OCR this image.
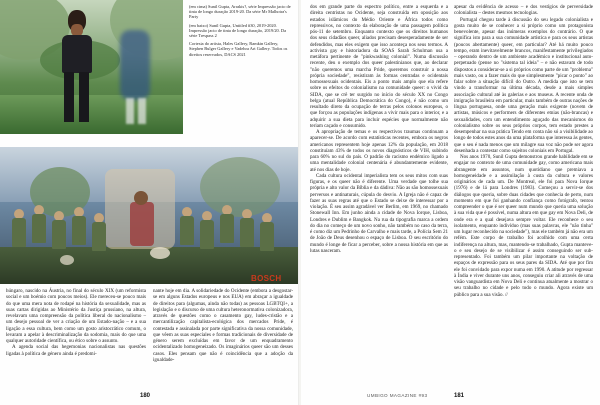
(em cima) Sunil Gupta, Arrakis?, série Impressão jacto de tinta de longo duração 2019-20. Da série Mr Malhotra's Party

(em baixo) Sunil Gupta, Untitled #30, 2019-2020. Impressão jacto de tinta de longo duração, 2019/20. Da série Trespass 2

Cortesia do artista, Hales Gallery, Ramkin Gallery, Stephen Bulger Gallery e Vadehra Art Gallery. Todos os direitos reservados, DACS 2021

BOSCH

húngaro, nascido na Áustria, no final do século XIX (um reformista social e um boémio com poucos meios). Ele mereceu-se pouco mais do que uma mera nota de rodapé na história da sexualidade, mas as suas cartas dirigidas ao Ministério da Justiça prussiano, na altura, revelavam uma compreensão da política liberal do nacionalismo – um desejo pessoal de ver a criação de um Estado-nação – e a sua ligação a essa cultura, bem como um gosto aristocrático comum, o levaram a apelar à descriminalização da sodomia, mais do que uma qualquer autoridade científica, ou ético sobre o assunto.

A agenda social das hegemonias nacionalistas nas questões ligadas à política de género ainda é predomi-

nante hoje em dia. A solidariedade do Ocidente (embora a desgostar-se em alguns Estados europeus e nos EUA) em abraçar a igualdade de direitos para (algumas, ainda não todas) as pessoas LGBTQI+, a legislação e o discurso de uma cultura heteronormativa colonizadora, através de questões como o casamento gay, ludes-cristão e a mercantilização capitalista-ecológica dos mercados Pride, é contestada e assinalada por parte significativa da nossa comunidade, que vêem as suas especiales e formas tradicionais de diversidade de género serem excluídas em favor de um enquadramento ocidentalizado homogeneizado. Os imaginários queer são um desses casos. Eles pensam que não é coincidência que a adoção da igualdade-

180

dos em grande parte do espectro político, entre a esquerda e a direita centristas no Ocidente, seja construída em oposição aos estados islâmicos do Médio Oriente e África todos como repressivos, no contexto da elaboração de uma passagem política pós-11 de setembro. Enquanto contexto que os direitos humanos dos seus cidadãos queer, aliados precisam desesperadamente de ser defendidos, mas eles exigem que isso aconteça nos seus termos. A activista gay e historiadora da SOAS Sarah Schulman usa a metáfora pertinente de "pinkwashing colonial". Numa discussão recente, deu o exemplo dos queer palestinianos que, ao declarar "não queremos uma marcha Pride, queremos construir a nossa própria sociedade", resistiram às formas centradas e ocidentais homossexuais ocidentais. Eis a ponto mais amplo que ela refere sobre os efeitos do colonialismo na comunidade queer: o vivid da SIDA, que se crê ter surgido no início do século XX no Congo belga (atual República Democrática do Congo), é não como um resultado direto da ocupação de terras pelos colonos europeus, o que forçou as populações indígenas a vivir mais para o interior, e a adquirir a sua dieta para incluir espécies que normalmente não teriam caçado e consumido.

A apropriação de temas e os respectivos traumas continuam a aparecer-se. De acordo com estatísticas recentes, embora os negros americanos representem hoje apenas 12% da população, em 2018 constituíam 43% de todos os novos diagnósticos de VIH, subindo para 60% no sul do país. O padrão do racismo endémico ligado a uma mentalidade colonial centenária é abundantemente evidente, até nos dias de hoje.

Cada cultura ocidental imperialista tem os seus mitos com suas figuras, e os queer não é diferente. Uma verdade que tolhe sua própria e alto valor da Bíblia e da dádiva: Não as são homossexuais perversos e antinaturais, cúpula do desvio. A Igreja não é capaz de fazer as suas regras até que o Estado se deixe de interessar por a violação. É seu assim agradável ver Berlim, em 1969, no chamado Stonewall Inn. Em junho ainda a cidade de Nova Iorque, Lisboa, Londres e Dublim e Bangkok. Na rua da tipografia marca a ordem do dia no começo de um novo sonho, não também no caso da terra, é como diz um Pedrinho de Carvalho e mais tarde, a Polícia Sem 21 de João de Deus desenhou o espaço de Lisboa. O seu escritório do mundo é longe de ficar a perceber, sobre a nossa história em que as lutas nasceram.

apesar da evidência de acesso – e dos vestígios de perversidade colonialista – destes mesmos tecnologias.

Portugal chegou tarde à discussão do seu legado colonialista e gosta muito de se conhecer a si próprio como um protagonista benevolente, apesar das inúmeras exemplos do contrário. O que significa isto para a sua comunidade artística e para os seus artistas (poucos abertamente) queer, em particular? Até há muito pouco tempo, eram inevitavelmente brancos, manifestamente privilegiados – operando dentro de um ambiente académico e institucional auto-perpetuado (pense no "sistema tal ideia" – e não estavam de todo dispostos a considerar-se a si próprios como parte de um "problema" mais vasto, ou a fazer mais do que simplesmente "picar o ponto" ao falar sobre a situação difícil do Outro. A medida que isto se tem vindo a transformar na última década, desde a mais simples associação cultural até às galerias e aos museus. A recente onda de imigração brasileira em particular, mais também de outras nações de língua portuguesa, onde uma geração mais exigente (novem de artistas, músicos e performers de diferentes etnias (não-brancas) e sexualidades, com um entendimento aguçado das mecanismos do colonialismo sobre os seus próprios corpos, tem estado prestes a desempenhar na sua prática Tendo em conta não só a visibilidade ao longo de todos estes anos da uma plataforma que interessa às gentes, que o seu é nada menos que um milagre sua voz não pode ser agora desenhada a contestar como sujeitos coloniais em Portugal.

Nos anos 1970, Sunil Gupta demonstrou grande habilidade em se engajar no contexto de uma comunidade gay, como americana mais abrangente em assuntos, num quotidiano que premiava a homogeneidade e a assimilação à custa da cultura e valores originários de cada um. De Montreal, ele foi para Nova Iorque (1976) e de lá para Londres (1983). Começou a servir-se dos diálogos que queria, sobre duas cidades que conhecia de perto, num momento em que foi ganhando confiança como fotógrafo, tentou compreender o que é ser queer num mundo que queria uma solução à sua vida que é possível, numa altura em que gay em Nova Deli, de onde era e a qual desejava sempre voltar. Ele reconhece o seu isolamento, enquanto indivíduo (mas suas palavras, ele "não tinha" um lugar reconhecido na sociedade"), mas ele também já não era um refém. Este corpo de trabalho foi acolhido com uma certa indiferença na altura, mas, mantendo-se trabalhado, Gupta manteve-o e seu desejo de se visibilizar é assim conseguindo ser sub-representado. Foi também um pilar importante na voltação de espaços de expressão para os seus pares da SIDA. Até que por fim ele foi convidado para expor numa em 1990. A atitude por regressar à Índia e viver durante uns anos, conseguiu criar ali através de uma visão vanguardista em Nova Deli e continua atualmente a mostrar o seu trabalho no cidade e pelo todo o mundo. Agora existe um público para a sua visão. //

UMBIGO MAGAZINE #93	181
